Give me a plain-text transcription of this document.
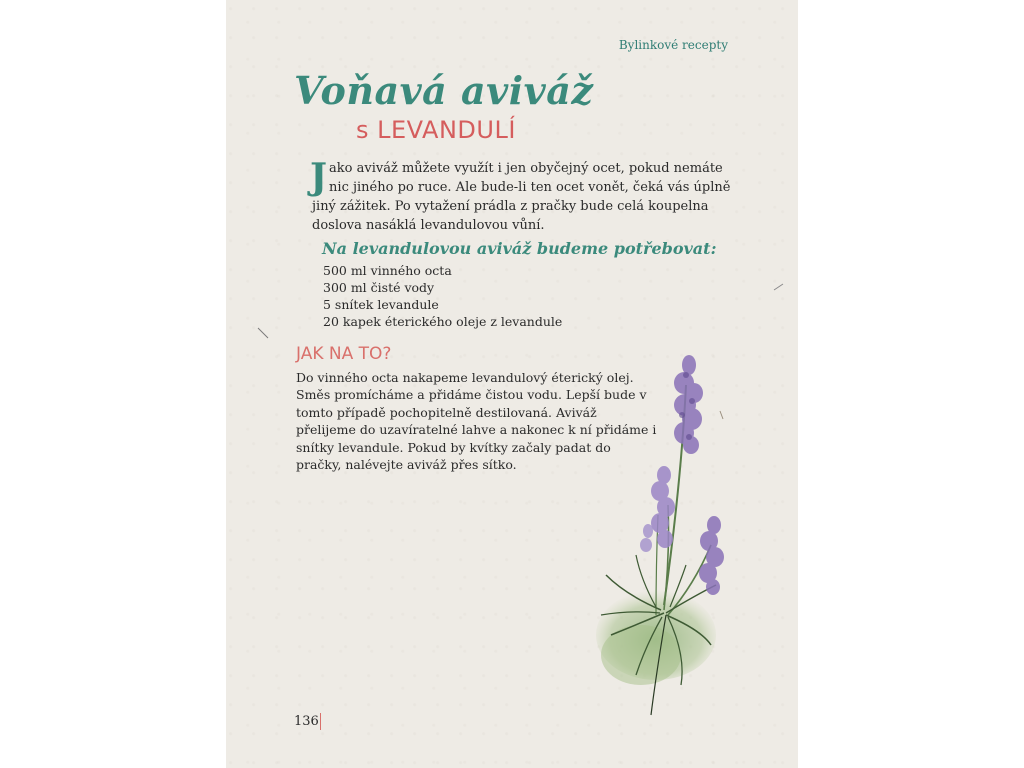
Bylinkové recepty
Voňavá aviváž
s LEVANDULÍ

Jako aviváž můžete využít i jen obyčejný ocet, pokud nemáte nic jiného po ruce. Ale bude-li ten ocet vonět, čeká vás úplně jiný zážitek. Po vytažení prádla z pračky bude celá koupelna doslova nasáklá levandulovou vůní.

Na levandulovou aviváž budeme potřebovat:
500 ml vinného octa
300 ml čisté vody
5 snítek levandule
20 kapek éterického oleje z levandule
JAK NA TO?

Do vinného octa nakapeme levandulový éterický olej. Směs promícháme a přidáme čistou vodu. Lepší bude v tomto případě pochopitelně destilovaná. Aviváž přelijeme do uzavíratelné lahve a nakonec k ní přidáme i snítky levandule. Pokud by kvítky začaly padat do pračky, nalévejte aviváž přes sítko.

136
